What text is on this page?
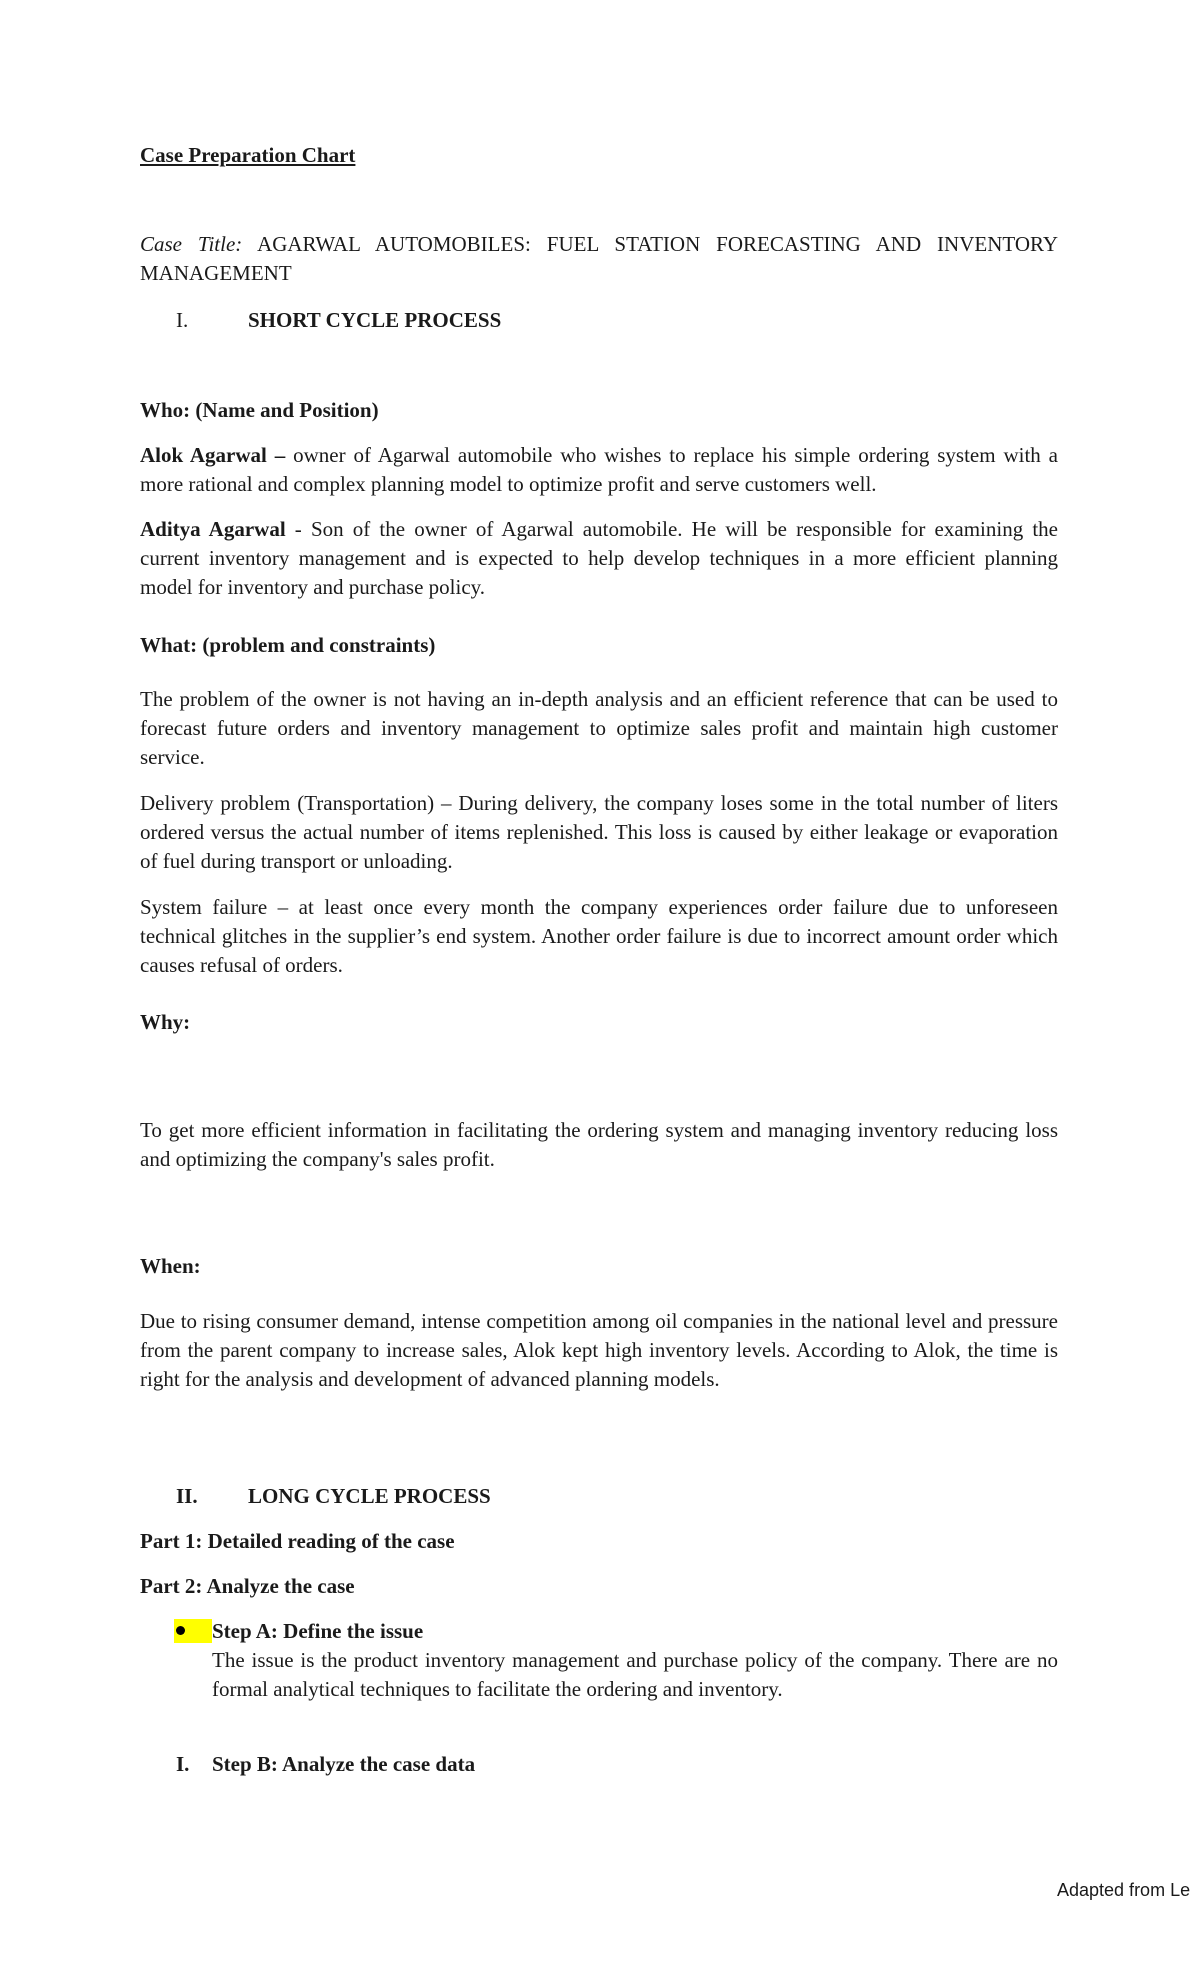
Case Preparation Chart
Case Title: AGARWAL AUTOMOBILES: FUEL STATION FORECASTING AND INVENTORY MANAGEMENT
I.	SHORT CYCLE PROCESS
Who: (Name and Position)
Alok Agarwal – owner of Agarwal automobile who wishes to replace his simple ordering system with a more rational and complex planning model to optimize profit and serve customers well.
Aditya Agarwal - Son of the owner of Agarwal automobile. He will be responsible for examining the current inventory management and is expected to help develop techniques in a more efficient planning model for inventory and purchase policy.
What: (problem and constraints)
The problem of the owner is not having an in-depth analysis and an efficient reference that can be used to forecast future orders and inventory management to optimize sales profit and maintain high customer service.
Delivery problem (Transportation) – During delivery, the company loses some in the total number of liters ordered versus the actual number of items replenished. This loss is caused by either leakage or evaporation of fuel during transport or unloading.
System failure – at least once every month the company experiences order failure due to unforeseen technical glitches in the supplier’s end system. Another order failure is due to incorrect amount order which causes refusal of orders.
Why:
To get more efficient information in facilitating the ordering system and managing inventory reducing loss and optimizing the company's sales profit.
When:
Due to rising consumer demand, intense competition among oil companies in the national level and pressure from the parent company to increase sales, Alok kept high inventory levels. According to Alok, the time is right for the analysis and development of advanced planning models.
II. LONG CYCLE PROCESS
Part 1: Detailed reading of the case
Part 2: Analyze the case
Step A: Define the issue
The issue is the product inventory management and purchase policy of the company. There are no formal analytical techniques to facilitate the ordering and inventory.
I. Step B: Analyze the case data
Adapted from Le
